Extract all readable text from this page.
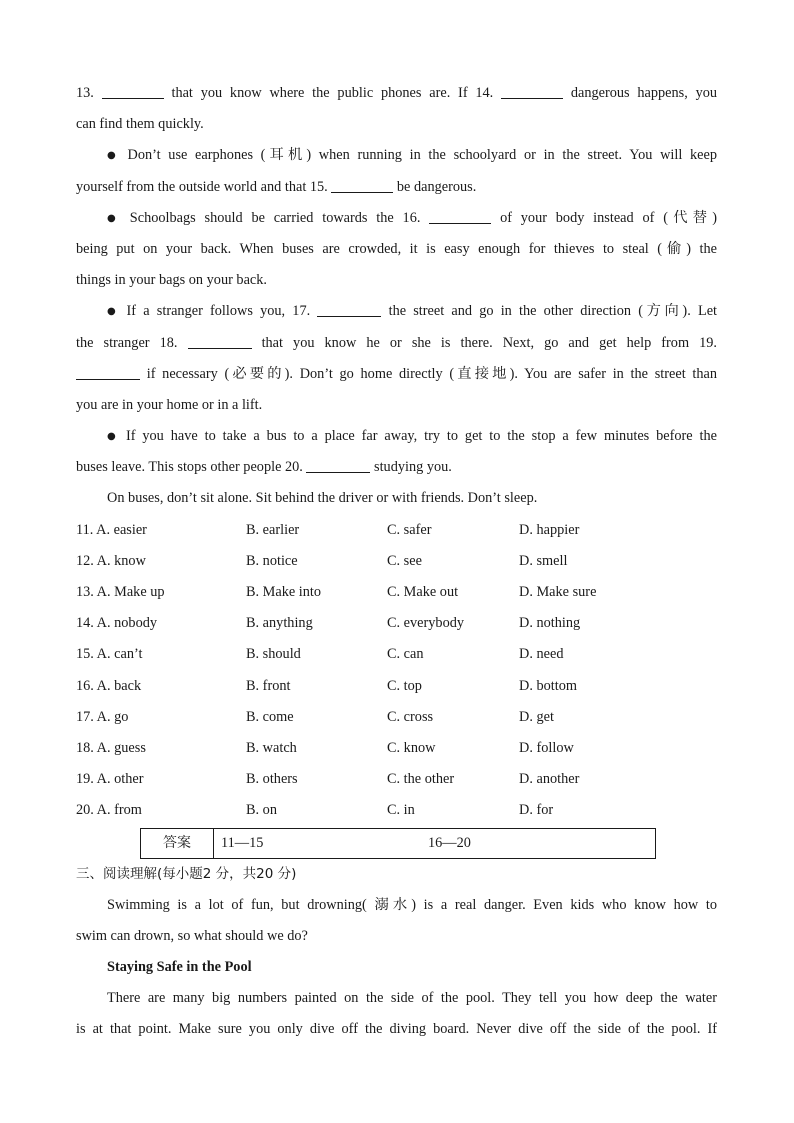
13.	that you know where the public phones are. If 14.	dangerous happens, you
can find them quickly.
● Don’t use earphones (耳机) when running in the schoolyard or in the street. You will keep
yourself from the outside world and that 15.	be dangerous.
● Schoolbags should be carried towards the 16.	of your body instead of (代替)
being put on your back. When buses are crowded, it is easy enough for thieves to steal (偷) the
things in your bags on your back.
● If a stranger follows you, 17.	the street and go in the other direction (方向). Let
the stranger 18.	that you know he or she is there. Next, go and get help from 19.
if necessary (必要的). Don’t go home directly (直接地). You are safer in the street than
you are in your home or in a lift.
● If you have to take a bus to a place far away, try to get to the stop a few minutes before the
buses leave. This stops other people 20.	studying you.
On buses, don’t sit alone. Sit behind the driver or with friends. Don’t sleep.
11. A. easier	B. earlier	C. safer	D. happier
12. A. know	B. notice	C. see	D. smell
13. A. Make up	B. Make into	C. Make out	D. Make sure
14. A. nobody	B. anything	C. everybody	D. nothing
15. A. can’t	B. should	C. can	D. need
16. A. back	B. front	C. top	D. bottom
17. A. go	B. come	C. cross	D. get
18. A. guess	B. watch	C. know	D. follow
19. A. other	B. others	C. the other	D. another
20. A. from	B. on	C. in	D. for
答案	11—15	16—20
三、阅读理解(每小题2 分，共20 分)
Swimming is a lot of fun, but drowning( 溺水) is a real danger. Even kids who know how to
swim can drown, so what should we do?
Staying Safe in the Pool
There are many big numbers painted on the side of the pool. They tell you how deep the water
is at that point. Make sure you only dive off the diving board. Never dive off the side of the pool. If
